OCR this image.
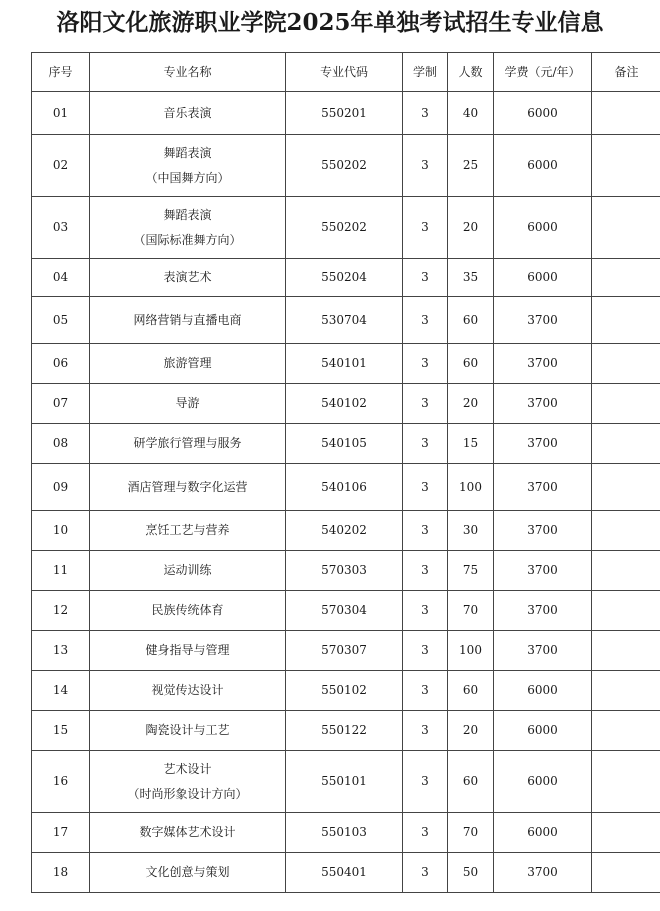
洛阳文化旅游职业学院2025年单独考试招生专业信息
序号	专业名称	专业代码	学制	人数	学费（元/年）	备注
01	音乐表演	550201	3	40	6000	
02	舞蹈表演
（中国舞方向）	550202	3	25	6000	
03	舞蹈表演
（国际标准舞方向）	550202	3	20	6000	
04	表演艺术	550204	3	35	6000	
05	网络营销与直播电商	530704	3	60	3700	
06	旅游管理	540101	3	60	3700	
07	导游	540102	3	20	3700	
08	研学旅行管理与服务	540105	3	15	3700	
09	酒店管理与数字化运营	540106	3	100	3700	
10	烹饪工艺与营养	540202	3	30	3700	
11	运动训练	570303	3	75	3700	
12	民族传统体育	570304	3	70	3700	
13	健身指导与管理	570307	3	100	3700	
14	视觉传达设计	550102	3	60	6000	
15	陶瓷设计与工艺	550122	3	20	6000	
16	艺术设计
（时尚形象设计方向）	550101	3	60	6000	
17	数字媒体艺术设计	550103	3	70	6000	
18	文化创意与策划	550401	3	50	3700	
